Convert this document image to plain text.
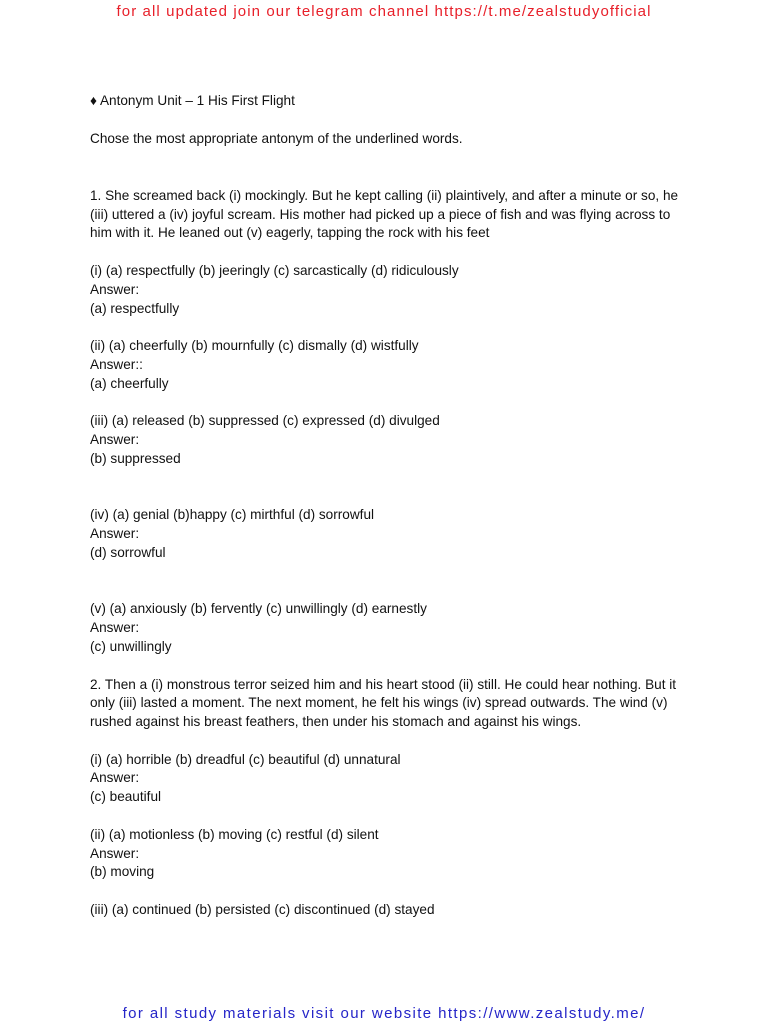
for all updated join our telegram channel https://t.me/zealstudyofficial

♦ Antonym Unit – 1 His First Flight

Chose the most appropriate antonym of the underlined words.

1. She screamed back (i) mockingly. But he kept calling (ii) plaintively, and after a minute or so, he (iii) uttered a (iv) joyful scream. His mother had picked up a piece of fish and was flying across to him with it. He leaned out (v) eagerly, tapping the rock with his feet

(i) (a) respectfully (b) jeeringly (c) sarcastically (d) ridiculously
Answer:
(a) respectfully
(ii) (a) cheerfully (b) mournfully (c) dismally (d) wistfully
Answer::
(a) cheerfully
(iii) (a) released (b) suppressed (c) expressed (d) divulged
Answer:
(b) suppressed
(iv) (a) genial (b)happy (c) mirthful (d) sorrowful
Answer:
(d) sorrowful
(v) (a) anxiously (b) fervently (c) unwillingly (d) earnestly
Answer:
(c) unwillingly

2. Then a (i) monstrous terror seized him and his heart stood (ii) still. He could hear nothing. But it only (iii) lasted a moment. The next moment, he felt his wings (iv) spread outwards. The wind (v) rushed against his breast feathers, then under his stomach and against his wings.

(i) (a) horrible (b) dreadful (c) beautiful (d) unnatural
Answer:
(c) beautiful
(ii) (a) motionless (b) moving (c) restful (d) silent
Answer:
(b) moving
(iii) (a) continued (b) persisted (c) discontinued (d) stayed
for all study materials visit our website https://www.zealstudy.me/
